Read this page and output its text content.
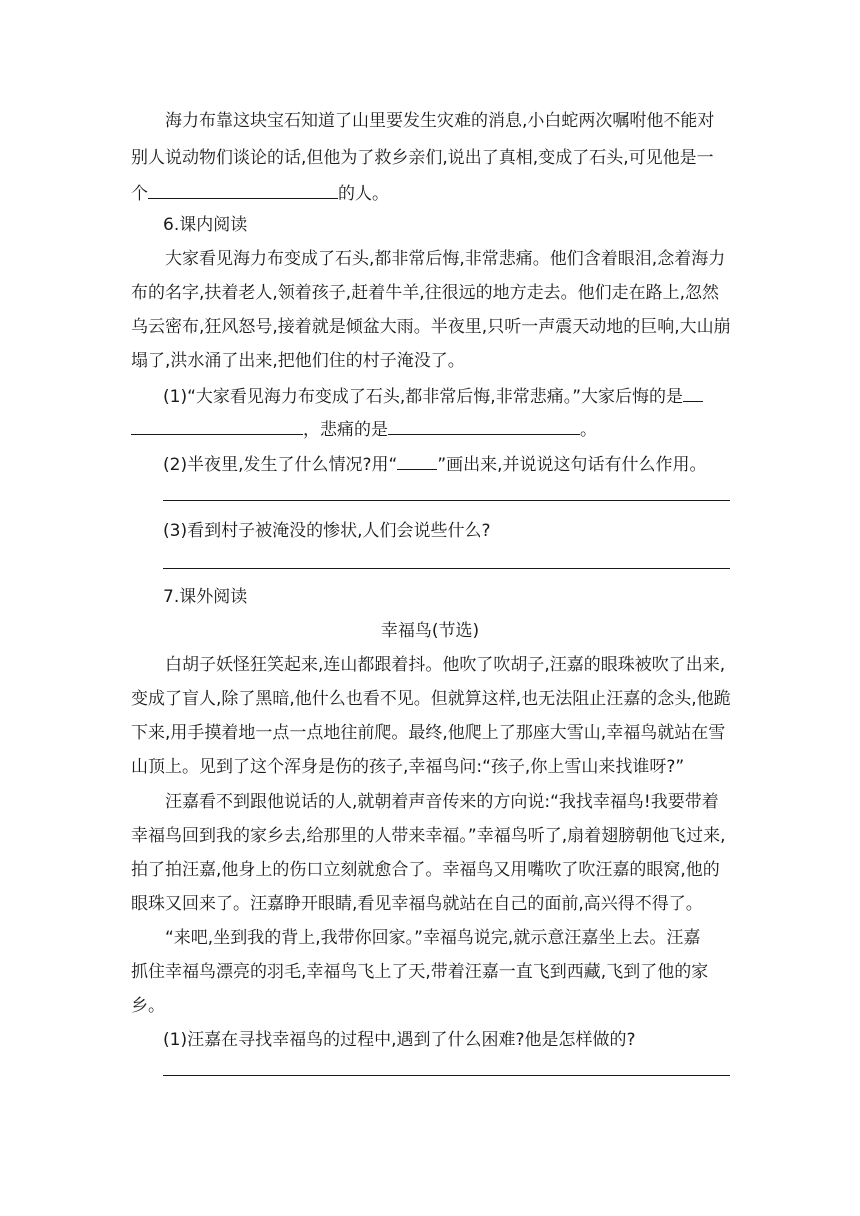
海力布靠这块宝石知道了山里要发生灾难的消息,小白蛇两次嘱咐他不能对
别人说动物们谈论的话,但他为了救乡亲们,说出了真相,变成了石头,可见他是一
个	的人。
6.课内阅读
大家看见海力布变成了石头,都非常后悔,非常悲痛。他们含着眼泪,念着海力
布的名字,扶着老人,领着孩子,赶着牛羊,往很远的地方走去。他们走在路上,忽然
乌云密布,狂风怒号,接着就是倾盆大雨。半夜里,只听一声震天动地的巨响,大山崩
塌了,洪水涌了出来,把他们住的村子淹没了。
(1)“大家看见海力布变成了石头,都非常后悔,非常悲痛。”大家后悔的是
，悲痛的是	。
(2)半夜里,发生了什么情况?用“ ”画出来,并说说这句话有什么作用。
(3)看到村子被淹没的惨状,人们会说些什么?
7.课外阅读
幸福鸟(节选)
白胡子妖怪狂笑起来,连山都跟着抖。他吹了吹胡子,汪嘉的眼珠被吹了出来,
变成了盲人,除了黑暗,他什么也看不见。但就算这样,也无法阻止汪嘉的念头,他跪
下来,用手摸着地一点一点地往前爬。最终,他爬上了那座大雪山,幸福鸟就站在雪
山顶上。见到了这个浑身是伤的孩子,幸福鸟问:“孩子,你上雪山来找谁呀?”
汪嘉看不到跟他说话的人,就朝着声音传来的方向说:“我找幸福鸟!我要带着
幸福鸟回到我的家乡去,给那里的人带来幸福。”幸福鸟听了,扇着翅膀朝他飞过来,
拍了拍汪嘉,他身上的伤口立刻就愈合了。幸福鸟又用嘴吹了吹汪嘉的眼窝,他的
眼珠又回来了。汪嘉睁开眼睛,看见幸福鸟就站在自己的面前,高兴得不得了。
“来吧,坐到我的背上,我带你回家。”幸福鸟说完,就示意汪嘉坐上去。汪嘉
抓住幸福鸟漂亮的羽毛,幸福鸟飞上了天,带着汪嘉一直飞到西藏,飞到了他的家
乡。
(1)汪嘉在寻找幸福鸟的过程中,遇到了什么困难?他是怎样做的?
